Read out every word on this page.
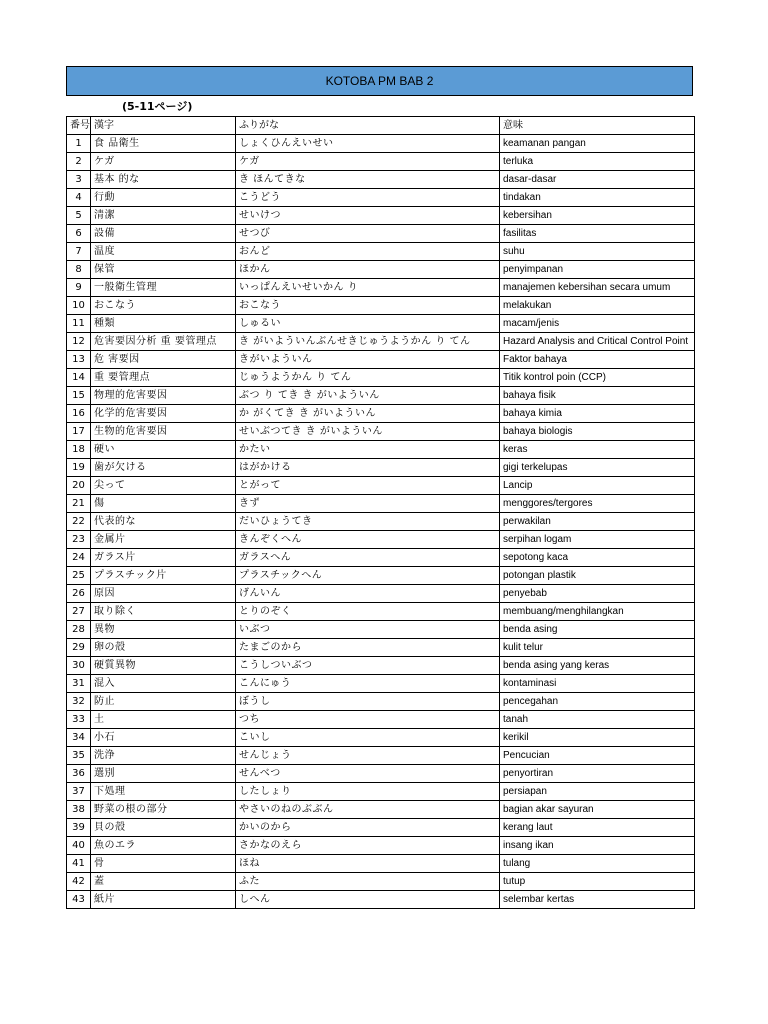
KOTOBA PM BAB 2
(5-11ページ)
番号	漢字	ふりがな	意味
1	食 品衛生	しょくひんえいせい	keamanan pangan
2	ケガ	ケガ	terluka
3	基本 的な	き ほんてきな	dasar-dasar
4	行動	こうどう	tindakan
5	清潔	せいけつ	kebersihan
6	設備	せつび	fasilitas
7	温度	おんど	suhu
8	保管	ほかん	penyimpanan
9	一般衛生管理	いっぱんえいせいかん り	manajemen kebersihan secara umum
10	おこなう	おこなう	melakukan
11	種類	しゅるい	macam/jenis
12	危害要因分析 重 要管理点	き がいよういんぶんせきじゅうようかん り てん	Hazard Analysis and Critical Control Point
13	危 害要因	きがいよういん	Faktor bahaya
14	重 要管理点	じゅうようかん り てん	Titik kontrol poin (CCP)
15	物理的危害要因	ぶつ り てき き がいよういん	bahaya fisik
16	化学的危害要因	か がくてき き がいよういん	bahaya kimia
17	生物的危害要因	せいぶつてき き がいよういん	bahaya biologis
18	硬い	かたい	keras
19	歯が欠ける	はがかける	gigi terkelupas
20	尖って	とがって	Lancip
21	傷	きず	menggores/tergores
22	代表的な	だいひょうてき	perwakilan
23	金属片	きんぞくへん	serpihan logam
24	ガラス片	ガラスへん	sepotong kaca
25	プラスチック片	プラスチックへん	potongan plastik
26	原因	げんいん	penyebab
27	取り除く	とりのぞく	membuang/menghilangkan
28	異物	いぶつ	benda asing
29	卵の殻	たまごのから	kulit telur
30	硬質異物	こうしついぶつ	benda asing yang keras
31	混入	こんにゅう	kontaminasi
32	防止	ぼうし	pencegahan
33	土	つち	tanah
34	小石	こいし	kerikil
35	洗浄	せんじょう	Pencucian
36	選別	せんべつ	penyortiran
37	下処理	したしょり	persiapan
38	野菜の根の部分	やさいのねのぶぶん	bagian akar sayuran
39	貝の殻	かいのから	kerang laut
40	魚のエラ	さかなのえら	insang ikan
41	骨	ほね	tulang
42	蓋	ふた	tutup
43	紙片	しへん	selembar kertas
